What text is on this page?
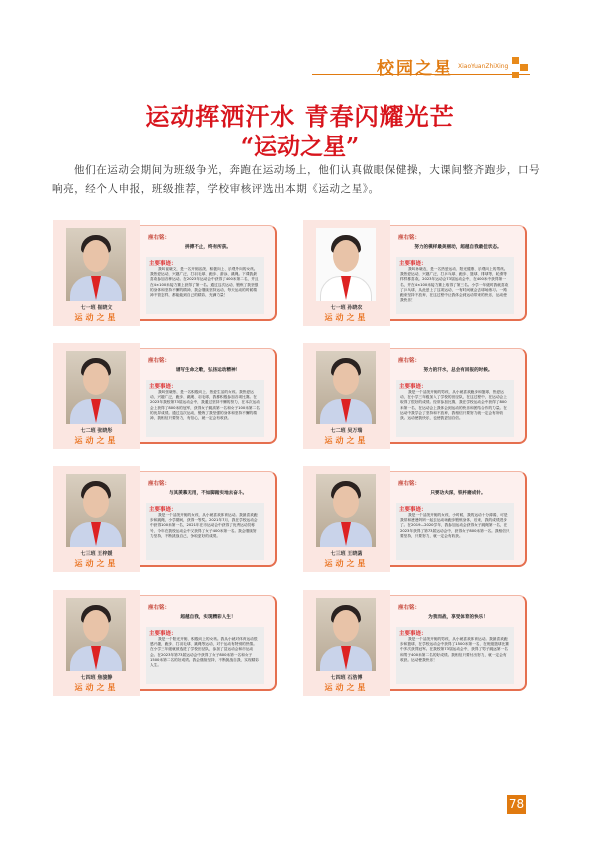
校园之星 XiaoYuanZhiXing
运动挥洒汗水 青春闪耀光芒
“运动之星”
他们在运动会期间为班级争光，奔跑在运动场上，他们认真做眼保健操，大课间整齐跑步，口号响亮，经个人申报，班级推荐，学校审核评选出本期《运动之星》。
七一班 崔晓文
运动之星
座右铭：
拼搏不止，终有所获。
主要事迹：
我叫崔晓文，是一名开朗活泼、积极向上、乐观外向的女孩。我热爱运动，兴趣广泛，打羽毛球、跑步、游泳、跳绳。下课我最喜欢参加各种运动。在2023年运动会中获得了400米第二名，并且在4×100米接力赛上获得了第一名。通过这次运动，锻炼了我坚强的身体和坚持不懈的精神，我会继续坚持运动，每天运动的时候精神不管怎样，都能能到自己的精彩，充满力量！
七一班 孙晓农
运动之星
座右铭：
努力的模样最美丽动，超越自我最佳状态。
主要事迹：
我叫孙晓农，是一名热爱运动、阳光健康、乐观向上的男孩。我热爱运动，兴趣广泛，打乒乓球、跑步、篮球、排球等，轮滑等样样都喜欢。2023年运动会73届运动会中，在400米中获得第一名，并在4×100米接力赛上取得了第三名。小学一年级时我就喜欢了乒乓球，从此爱上了这项运动，一有时间就会去球场练习。一路跑来坚持不放弃，在这过程中让我体会到运动带来的快乐，运动使我快乐！
七二班 张晓彤
运动之星
座右铭：
谱写生命之歌，弘扬运动精神！
主要事迹：
我叫张晓彤，是一名积极向上、热爱生活的女孩。我热爱运动，兴趣广泛，跑步、跳绳、羽毛球，我都积极参加各项比赛。在2023年我校第73届运动会中，我通过坚持不懈的努力，在本次运动会上获得了800米的冠军，获得女子跳高第一名和女子100米第二名的优异成绩。通过这次运动，锻炼了我坚强的身体和坚持不懈的精神，我相信只要努力，有信心，就一定会有收获。
七二班 吴万瑞
运动之星
座右铭：
努力的汗水，总会有回报的时候。
主要事迹：
我是一个活泼开朗的男孩，从小就喜欢跑步和篮球，热爱运动，在小学三年级加入了学校的田径队，在这过程中，在运动会上取得了很好的成绩。经常参加比赛，我在学校运动会中获得了800米第一名，在运动会上我体会到运动的快乐和团结合作的力量。在运动中我学会了坚持和不放弃，我相信只要努力就一定会有所收获。运动使我快乐，也使我更加自信。
七三班 王梓媛
运动之星
座右铭：
与其羡慕无用，不如脚踏实地去奋斗。
主要事迹：
我是一个活泼开朗的女孩，从小就喜欢体育运动。我最喜欢跑步和跳绳，小学期间，获得一等奖。2021年7月，我在学校运动会中获得100米第一名，2021年在市运动会中获得了优秀运动员称号，今年在我校运动会中又获得了女子400米第一名。我会继续努力坚持，不断挑战自己，争取更好的成绩。
七三班 王晓菡
运动之星
座右铭：
只要功夫深，铁杵磨成针。
主要事迹：
我是一个活泼开朗的女孩，小时候，我的运动十分薄弱，可是我常和爸爸妈妈一起去运动场跑步锻炼身体，后来，我的成绩进步了。在2019—2020学年，我参加运动会获得女子跳绳第一名，在2023年获得了第73届运动会中，获得女子800米第一名。我相信只要坚持，只要努力，就一定会有收获。
七四班 焦骏静
运动之星
座右铭：
超越自我，实现精彩人生！
主要事迹：
我是一个阳光开朗、积极向上的女孩。我从小就对体育运动很感兴趣，跑步、打羽毛球、跳绳等运动，对于运动有特别的热情。在小学三年级就被选进了学校田径队，参加了县运动会和市运动会。在2023年第73届运动会中获得了女子800米第一名和女子1500米第二名的好成绩。我会继续坚持，不断挑战自我，实现精彩人生。
七四班 石浩博
运动之星
座右铭：
为我而战，享受体育的快乐！
主要事迹：
我是一个活泼开朗的男孩，从小就喜欢体育运动。我最喜欢跑步和篮球，在学校运动会中获得了1500米第一名，在班级篮球比赛中多次获得冠军。在我校第73届运动会中，获得了男子跳远第一名和男子400米第二名的好成绩。我相信只要付出努力，就一定会有收获。运动使我快乐！
78
